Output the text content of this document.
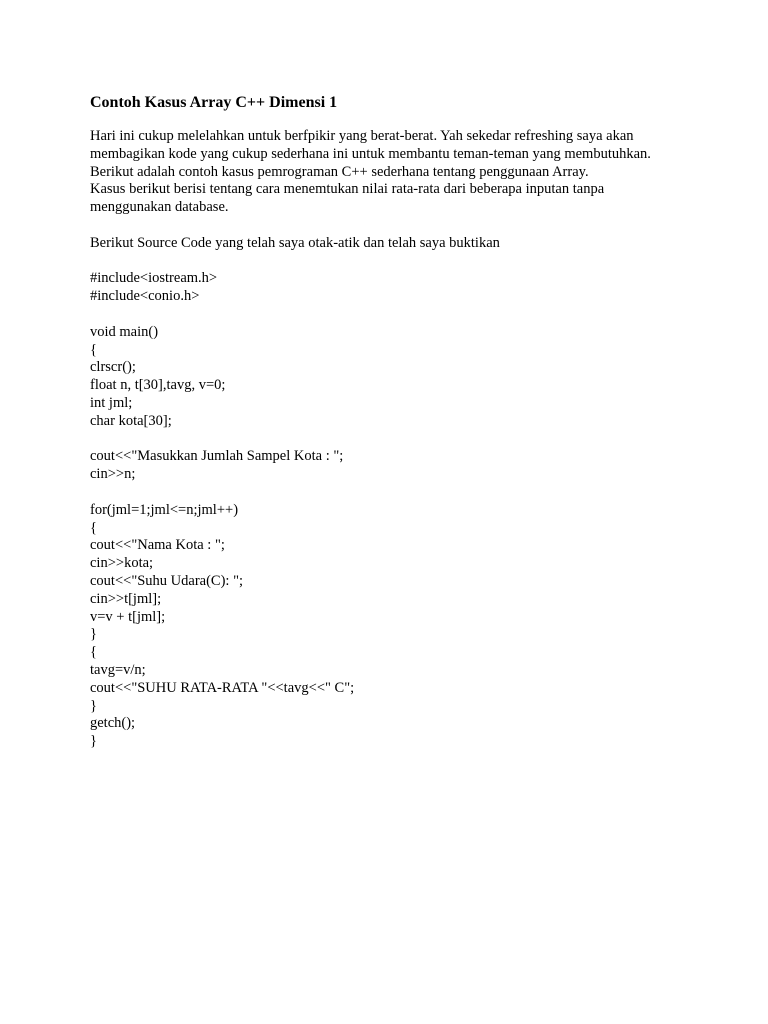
Contoh Kasus Array C++ Dimensi 1
Hari ini cukup melelahkan untuk berfpikir yang berat-berat. Yah sekedar refreshing saya akan
membagikan kode yang cukup sederhana ini untuk membantu teman-teman yang membutuhkan.
Berikut adalah contoh kasus pemrograman C++ sederhana tentang penggunaan Array.
Kasus berikut berisi tentang cara menemtukan nilai rata-rata dari beberapa inputan tanpa
menggunakan database.
Berikut Source Code yang telah saya otak-atik dan telah saya buktikan
#include<iostream.h>
#include<conio.h>
void main()
{
clrscr();
float n, t[30],tavg, v=0;
int jml;
char kota[30];
cout<<"Masukkan Jumlah Sampel Kota : ";
cin>>n;
for(jml=1;jml<=n;jml++)
{
cout<<"Nama Kota : ";
cin>>kota;
cout<<"Suhu Udara(C): ";
cin>>t[jml];
v=v + t[jml];
}
{
tavg=v/n;
cout<<"SUHU RATA-RATA "<<tavg<<" C";
}
getch();
}
